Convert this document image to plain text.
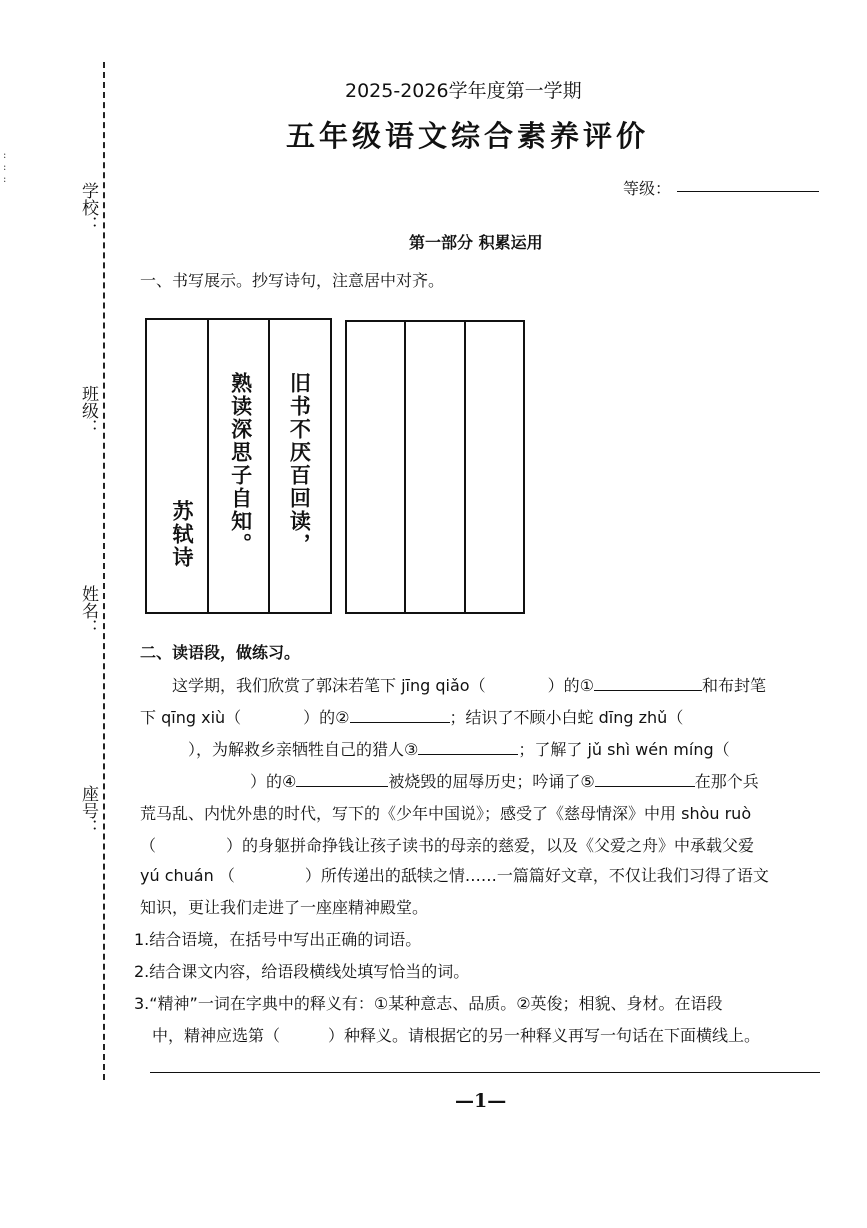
:
:
:
学校：
班级：
姓名：
座号：
2025-2026学年度第一学期
五年级语文综合素养评价
等级：
第一部分 积累运用
一、书写展示。抄写诗句，注意居中对齐。
苏轼诗 熟读深思子自知。 旧书不厌百回读，
二、读语段，做练习。
这学期，我们欣赏了郭沫若笔下 jīng qiǎo（	）的①	和布封笔
下 qīng xiù（	）的②	；结识了不顾小白蛇 dīng zhǔ（
），为解救乡亲牺牲自己的猎人③	；了解了 jǔ shì wén míng（
）的④	被烧毁的屈辱历史；吟诵了⑤	在那个兵
荒马乱、内忧外患的时代，写下的《少年中国说》；感受了《慈母情深》中用 shòu ruò
（	）的身躯拼命挣钱让孩子读书的母亲的慈爱，以及《父爱之舟》中承载父爱
yú chuán （	）所传递出的舐犊之情……一篇篇好文章，不仅让我们习得了语文
知识，更让我们走进了一座座精神殿堂。
1.结合语境，在括号中写出正确的词语。
2.结合课文内容，给语段横线处填写恰当的词。
3.“精神”一词在字典中的释义有：①某种意志、品质。②英俊；相貌、身材。在语段
中，精神应选第（	）种释义。请根据它的另一种释义再写一句话在下面横线上。
—1—
